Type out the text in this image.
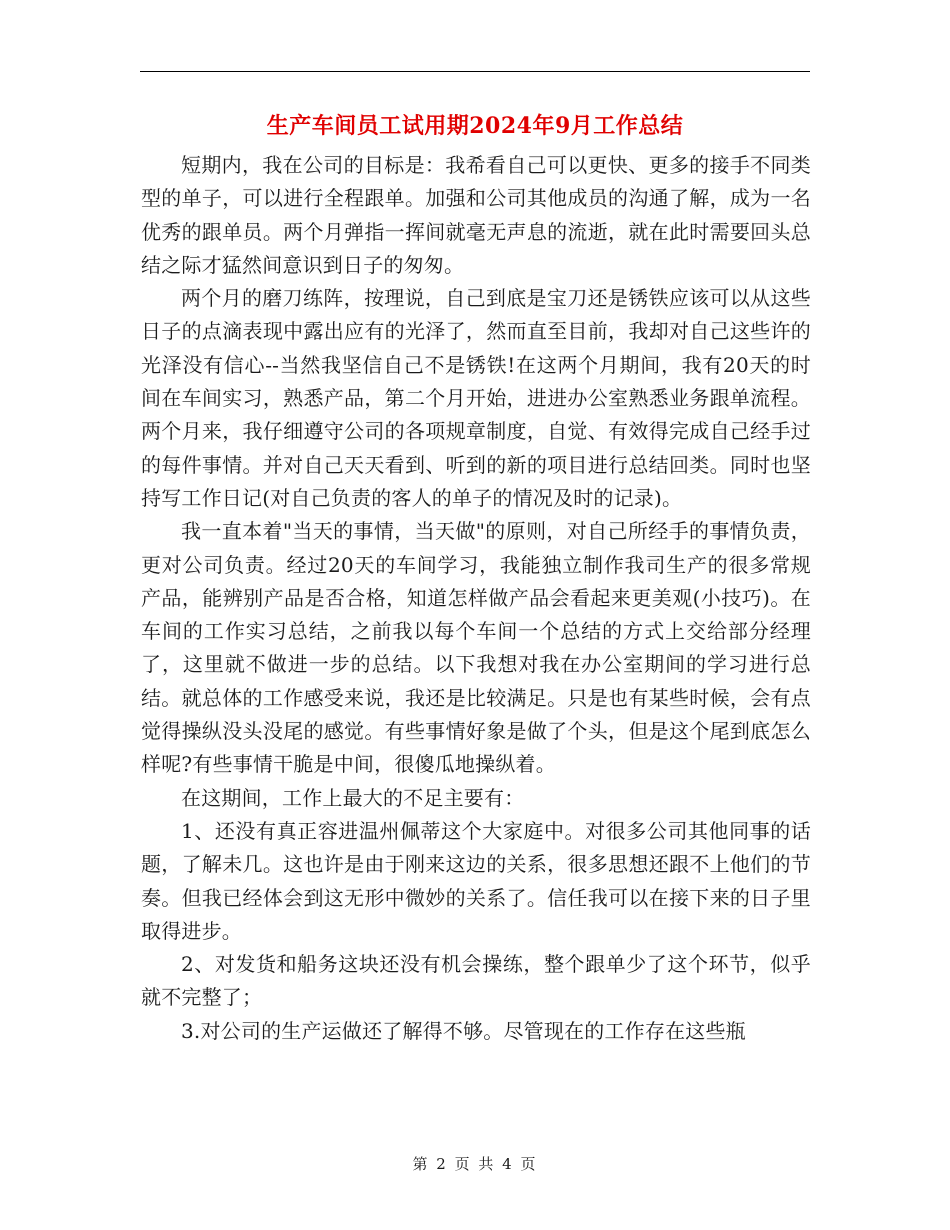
生产车间员工试用期2024年9月工作总结

短期内，我在公司的目标是：我希看自己可以更快、更多的接手不同类型的单子，可以进行全程跟单。加强和公司其他成员的沟通了解，成为一名优秀的跟单员。两个月弹指一挥间就毫无声息的流逝，就在此时需要回头总结之际才猛然间意识到日子的匆匆。

两个月的磨刀练阵，按理说，自己到底是宝刀还是锈铁应该可以从这些日子的点滴表现中露出应有的光泽了，然而直至目前，我却对自己这些许的光泽没有信心--当然我坚信自己不是锈铁!在这两个月期间，我有20天的时间在车间实习，熟悉产品，第二个月开始，进进办公室熟悉业务跟单流程。两个月来，我仔细遵守公司的各项规章制度，自觉、有效得完成自己经手过的每件事情。并对自己天天看到、听到的新的项目进行总结回类。同时也坚持写工作日记(对自己负责的客人的单子的情况及时的记录)。

我一直本着"当天的事情，当天做"的原则，对自己所经手的事情负责，更对公司负责。经过20天的车间学习，我能独立制作我司生产的很多常规产品，能辨别产品是否合格，知道怎样做产品会看起来更美观(小技巧)。在车间的工作实习总结，之前我以每个车间一个总结的方式上交给部分经理了，这里就不做进一步的总结。以下我想对我在办公室期间的学习进行总结。就总体的工作感受来说，我还是比较满足。只是也有某些时候，会有点觉得操纵没头没尾的感觉。有些事情好象是做了个头，但是这个尾到底怎么样呢?有些事情干脆是中间，很傻瓜地操纵着。

在这期间，工作上最大的不足主要有：

1、还没有真正容进温州佩蒂这个大家庭中。对很多公司其他同事的话题，了解未几。这也许是由于刚来这边的关系，很多思想还跟不上他们的节奏。但我已经体会到这无形中微妙的关系了。信任我可以在接下来的日子里取得进步。

2、对发货和船务这块还没有机会操练，整个跟单少了这个环节，似乎就不完整了；

3.对公司的生产运做还了解得不够。尽管现在的工作存在这些瓶

第 2 页 共 4 页
